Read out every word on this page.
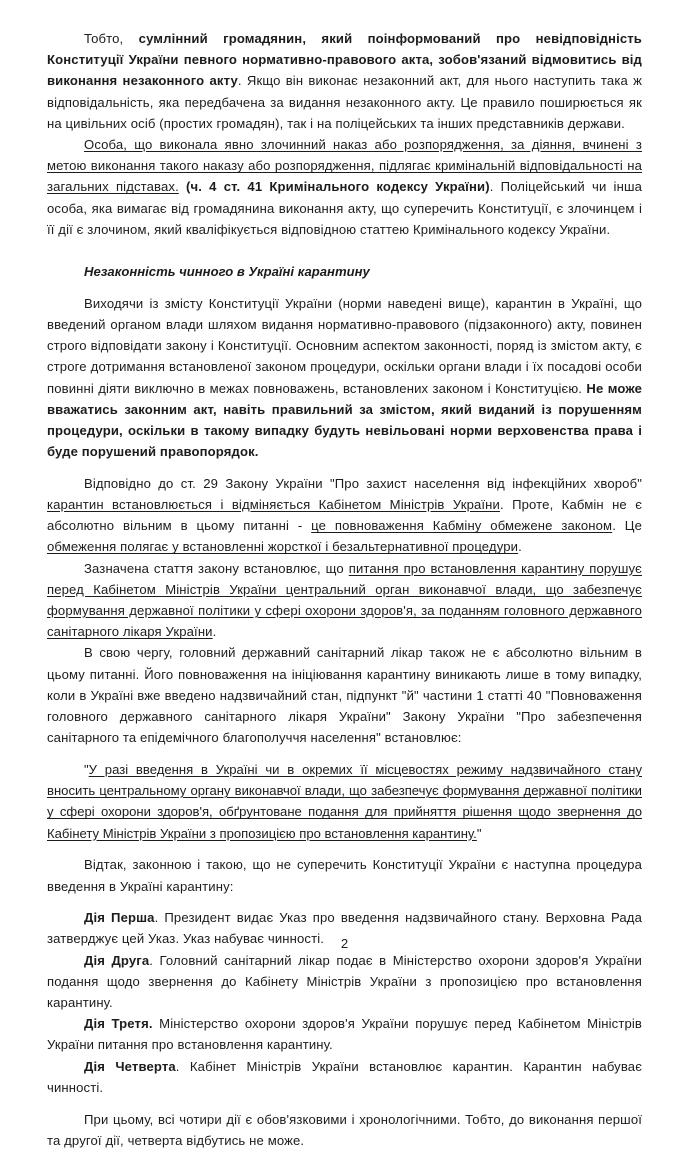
Тобто, сумлінний громадянин, який поінформований про невідповідність Конституції України певного нормативно-правового акта, зобов'язаний відмовитись від виконання незаконного акту. Якщо він виконає незаконний акт, для нього наступить така ж відповідальність, яка передбачена за видання незаконного акту. Це правило поширюється як на цивільних осіб (простих громадян), так і на поліцейських та інших представників держави.

Особа, що виконала явно злочинний наказ або розпорядження, за діяння, вчинені з метою виконання такого наказу або розпорядження, підлягає кримінальній відповідальності на загальних підставах. (ч. 4 ст. 41 Кримінального кодексу України). Поліцейський чи інша особа, яка вимагає від громадянина виконання акту, що суперечить Конституції, є злочинцем і її дії є злочином, який кваліфікується відповідною статтею Кримінального кодексу України.

Незаконність чинного в Україні карантину

Виходячи із змісту Конституції України (норми наведені вище), карантин в Україні, що введений органом влади шляхом видання нормативно-правового (підзаконного) акту, повинен строго відповідати закону і Конституції. Основним аспектом законності, поряд із змістом акту, є строге дотримання встановленої законом процедури, оскільки органи влади і їх посадові особи повинні діяти виключно в межах повноважень, встановлених законом і Конституцією. Не може вважатись законним акт, навіть правильний за змістом, який виданий із порушенням процедури, оскільки в такому випадку будуть невільовані норми верховенства права і буде порушений правопорядок.

Відповідно до ст. 29 Закону України "Про захист населення від інфекційних хвороб" карантин встановлюється і відміняється Кабінетом Міністрів України. Проте, Кабмін не є абсолютно вільним в цьому питанні - це повноваження Кабміну обмежене законом. Це обмеження полягає у встановленні жорсткої і безальтернативної процедури.

Зазначена стаття закону встановлює, що питання про встановлення карантину порушує перед Кабінетом Міністрів України центральний орган виконавчої влади, що забезпечує формування державної політики у сфері охорони здоров'я, за поданням головного державного санітарного лікаря України.

В свою чергу, головний державний санітарний лікар також не є абсолютно вільним в цьому питанні. Його повноваження на ініціювання карантину виникають лише в тому випадку, коли в Україні вже введено надзвичайний стан, підпункт "й" частини 1 статті 40 "Повноваження головного державного санітарного лікаря України" Закону України "Про забезпечення санітарного та епідемічного благополуччя населення" встановлює:

"У разі введення в Україні чи в окремих її місцевостях режиму надзвичайного стану вносить центральному органу виконавчої влади, що забезпечує формування державної політики у сфері охорони здоров'я, обґрунтоване подання для прийняття рішення щодо звернення до Кабінету Міністрів України з пропозицією про встановлення карантину."

Відтак, законною і такою, що не суперечить Конституції України є наступна процедура введення в Україні карантину:

Дія Перша. Президент видає Указ про введення надзвичайного стану. Верховна Рада затверджує цей Указ. Указ набуває чинності.

Дія Друга. Головний санітарний лікар подає в Міністерство охорони здоров'я України подання щодо звернення до Кабінету Міністрів України з пропозицією про встановлення карантину.

Дія Третя. Міністерство охорони здоров'я України порушує перед Кабінетом Міністрів України питання про встановлення карантину.

Дія Четверта. Кабінет Міністрів України встановлює карантин. Карантин набуває чинності.

При цьому, всі чотири дії є обов'язковими і хронологічними. Тобто, до виконання першої та другої дії, четверта відбутись не може.

2
